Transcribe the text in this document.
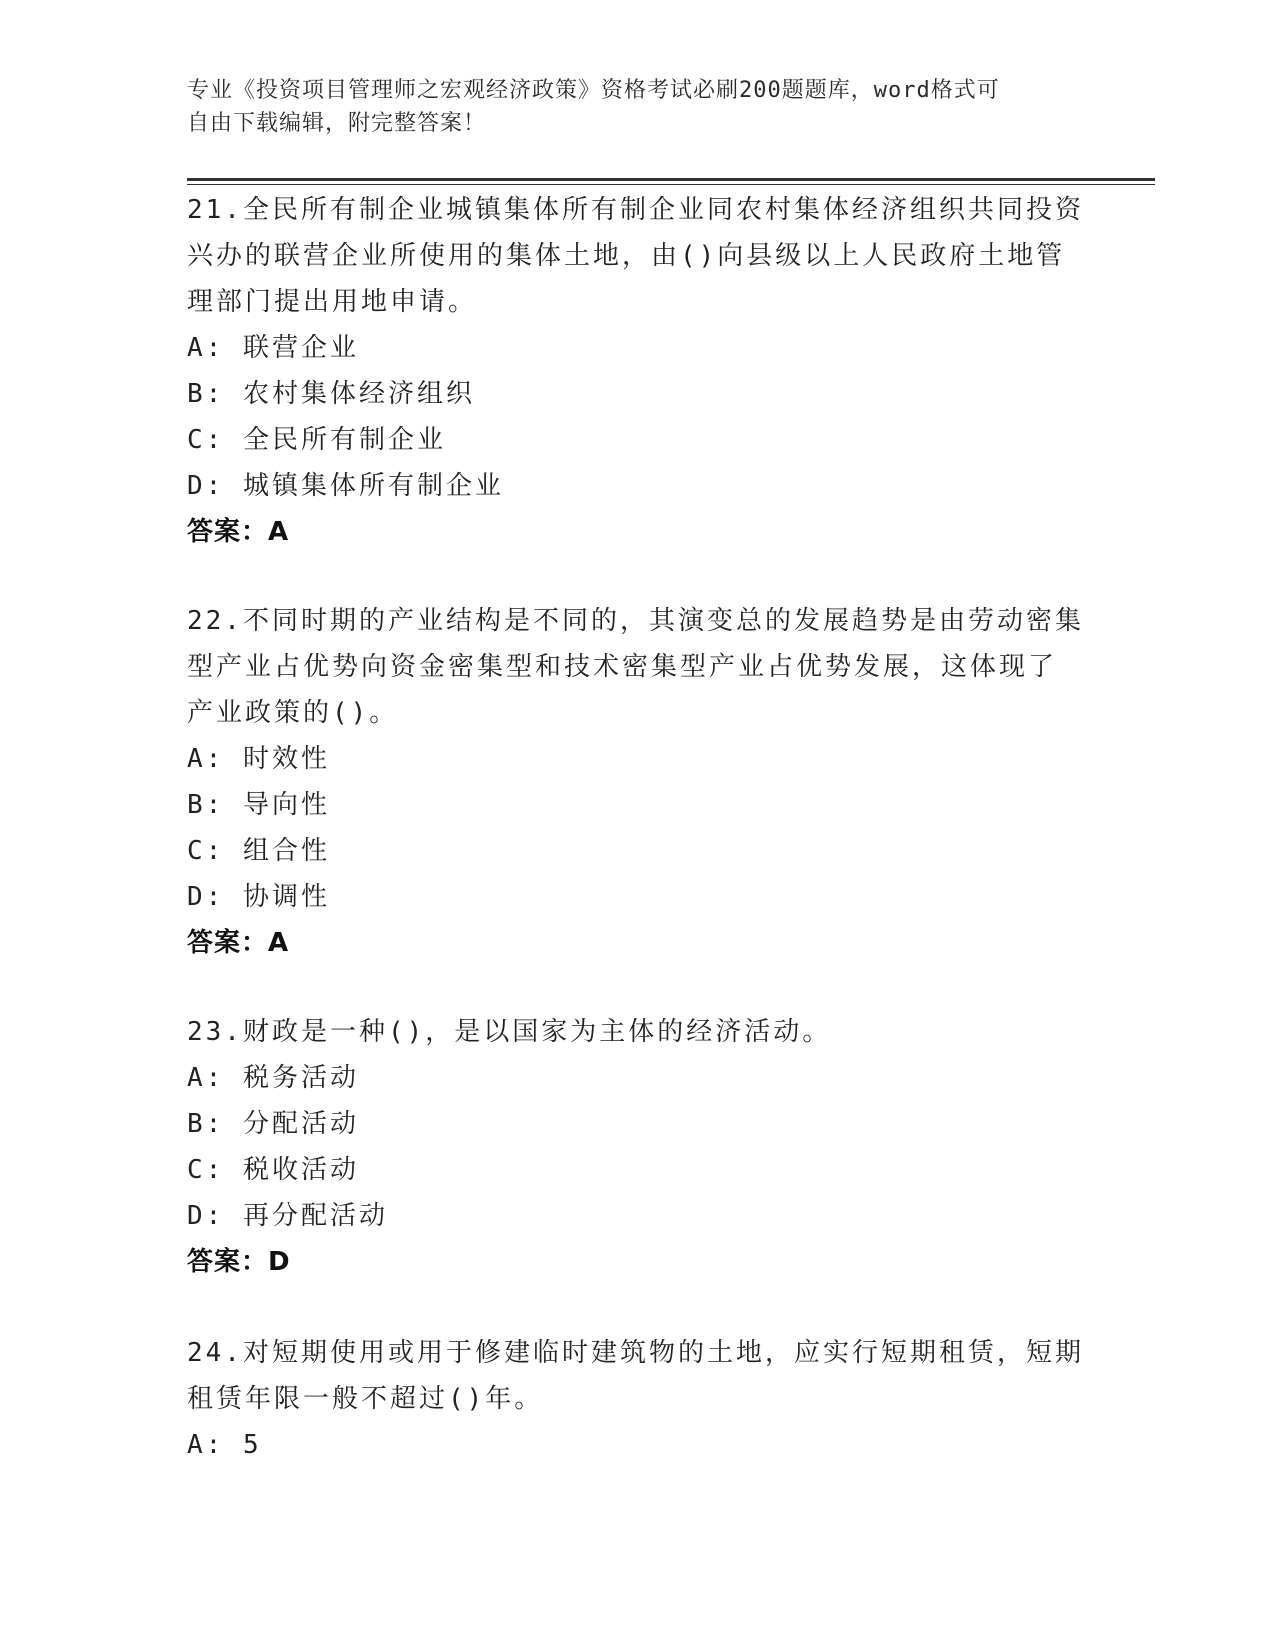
专业《投资项目管理师之宏观经济政策》资格考试必刷200题题库，word格式可
自由下载编辑，附完整答案！
21.全民所有制企业城镇集体所有制企业同农村集体经济组织共同投资
兴办的联营企业所使用的集体土地，由()向县级以上人民政府土地管
理部门提出用地申请。
A: 联营企业
B: 农村集体经济组织
C: 全民所有制企业
D: 城镇集体所有制企业
答案：A
22.不同时期的产业结构是不同的，其演变总的发展趋势是由劳动密集
型产业占优势向资金密集型和技术密集型产业占优势发展，这体现了
产业政策的()。
A: 时效性
B: 导向性
C: 组合性
D: 协调性
答案：A
23.财政是一种()，是以国家为主体的经济活动。
A: 税务活动
B: 分配活动
C: 税收活动
D: 再分配活动
答案：D
24.对短期使用或用于修建临时建筑物的土地，应实行短期租赁，短期
租赁年限一般不超过()年。
A: 5
